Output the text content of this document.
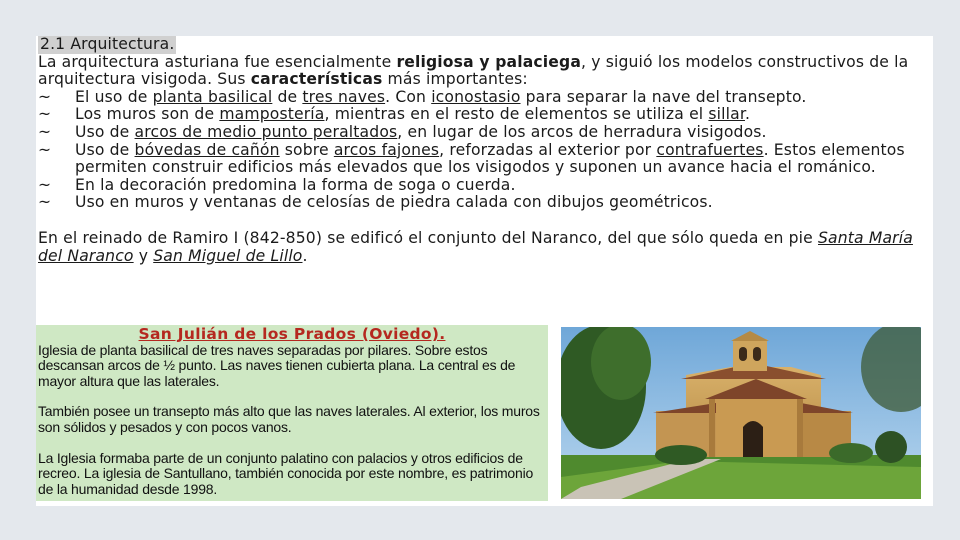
2.1 Arquitectura.

La arquitectura asturiana fue esencialmente religiosa y palaciega, y siguió los modelos constructivos de la arquitectura visigoda. Sus características más importantes:

~ El uso de planta basilical de tres naves. Con iconostasio para separar la nave del transepto.
~ Los muros son de mampostería, mientras en el resto de elementos se utiliza el sillar.
~ Uso de arcos de medio punto peraltados, en lugar de los arcos de herradura visigodos.
~ Uso de bóvedas de cañón sobre arcos fajones, reforzadas al exterior por contrafuertes. Estos elementos permiten construir edificios más elevados que los visigodos y suponen un avance hacia el románico.
~ En la decoración predomina la forma de soga o cuerda.
~ Uso en muros y ventanas de celosías de piedra calada con dibujos geométricos.

En el reinado de Ramiro I (842-850) se edificó el conjunto del Naranco, del que sólo queda en pie Santa María del Naranco y San Miguel de Lillo.

San Julián de los Prados (Oviedo).

Iglesia de planta basilical de tres naves separadas por pilares. Sobre estos descansan arcos de ½ punto. Las naves tienen cubierta plana. La central es de mayor altura que las laterales.

También posee un transepto más alto que las naves laterales. Al exterior, los muros son sólidos y pesados y con pocos vanos.

La Iglesia formaba parte de un conjunto palatino con palacios y otros edificios de recreo. La iglesia de Santullano, también conocida por este nombre, es patrimonio de la humanidad desde 1998.
